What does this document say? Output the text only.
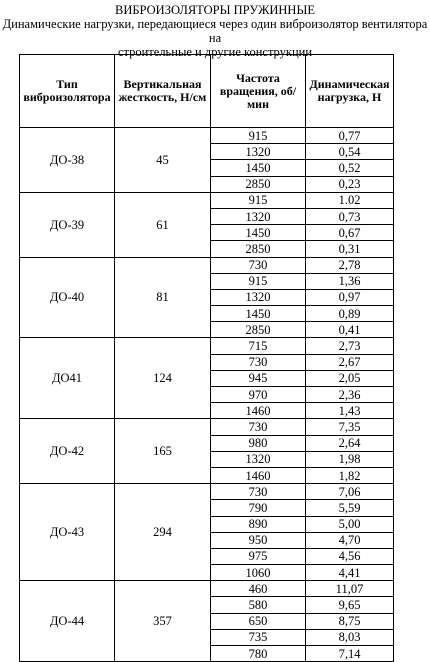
ВИБРОИЗОЛЯТОРЫ ПРУЖИННЫЕ
Динамические нагрузки, передающиеся через один виброизолятор вентилятора на
строительные и другие конструкции
Тип виброизолятора	Вертикальная жесткость, Н/см	Частота вращения, об/мин	Динамическая нагрузка, Н
ДО-38	45	915	0,77
		1320	0,54
		1450	0,52
		2850	0,23
ДО-39	61	915	1.02
		1320	0,73
		1450	0,67
		2850	0,31
ДО-40	81	730	2,78
		915	1,36
		1320	0,97
		1450	0,89
		2850	0,41
ДО41	124	715	2,73
		730	2,67
		945	2,05
		970	2,36
		1460	1,43
ДО-42	165	730	7,35
		980	2,64
		1320	1,98
		1460	1,82
ДО-43	294	730	7,06
		790	5,59
		890	5,00
		950	4,70
		975	4,56
		1060	4,41
ДО-44	357	460	11,07
		580	9,65
		650	8,75
		735	8,03
		780	7,14
